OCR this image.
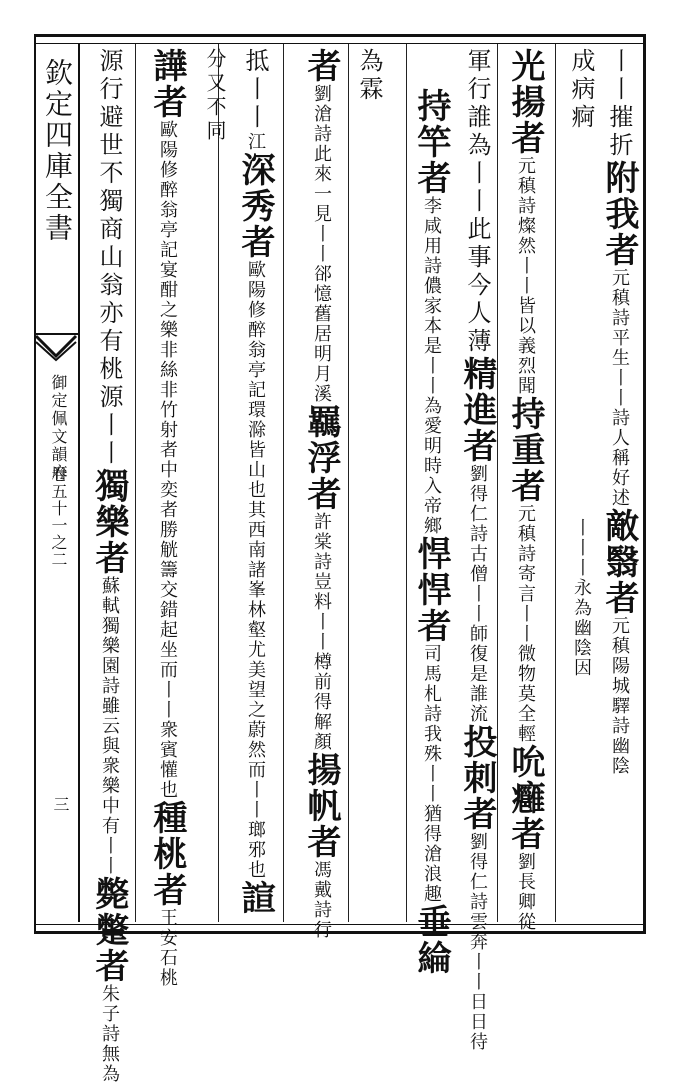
欽定四庫全書
御定佩文韻府
卷五十一之二
三
丨丨摧折附我者元稹詩平生丨丨詩人稱好述敵翳者元稹陽城驛詩幽陰
成病痾丨丨丨永為幽陰因
光揚者元稹詩燦然丨丨皆以義烈聞持重者元稹詩寄言丨丨微物莫全輕吮癰者劉長卿從
軍行誰為丨丨此事今人薄精進者劉得仁詩古僧丨丨師復是誰流投刺者劉得仁詩雲奔丨丨日日待
持竿者李咸用詩儂家本是丨丨為愛明時入帝鄉悍悍者司馬札詩我殊丨丨猶得滄浪趣垂綸
為霖
者劉滄詩此來一見丨丨郤憶舊居明月溪羈浮者許棠詩豈料丨丨樽前得解顏揚帆者馮戴詩行
抵丨丨江深秀者歐陽修醉翁亭記環滁皆山也其西南諸峯林壑尤美望之蔚然而丨丨瑯邪也諠
分又不同
譁者歐陽修醉翁亭記宴酣之樂非絲非竹射者中奕者勝觥籌交錯起坐而丨丨衆賓懽也種桃者王安石桃
源行避世不獨商山翁亦有桃源丨丨獨樂者蘇軾獨樂園詩雖云與衆樂中有丨丨斃蹩者朱子詩無為
